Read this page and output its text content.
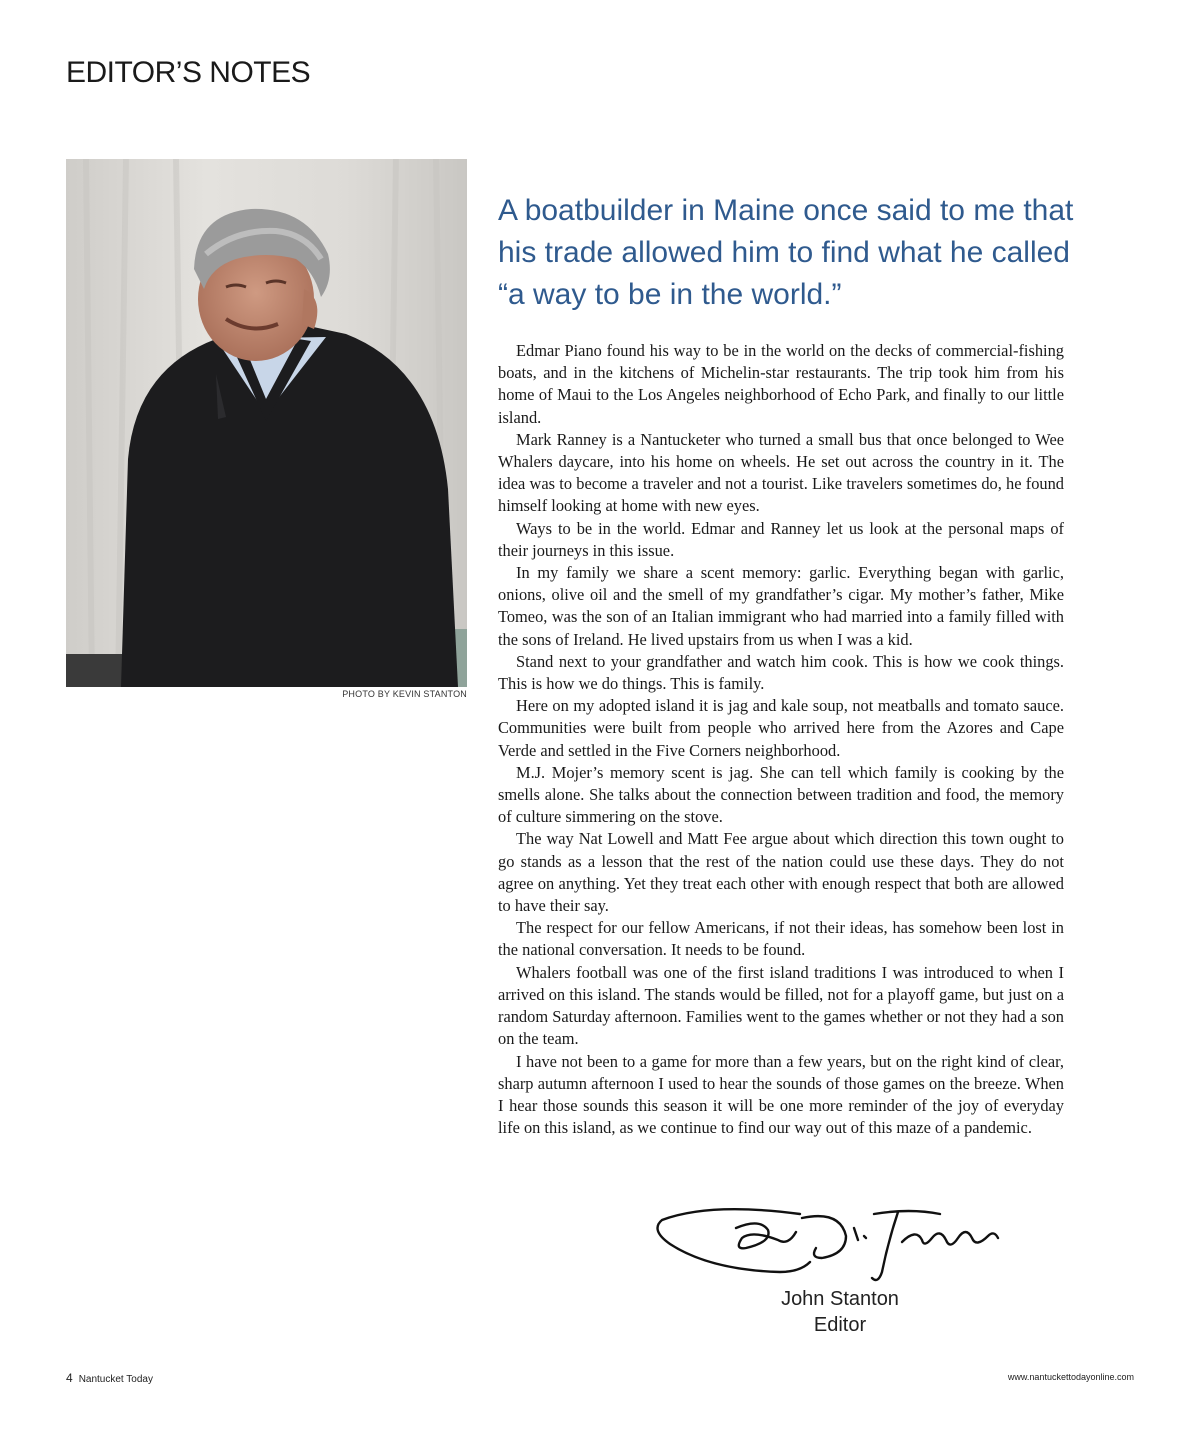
EDITOR’S NOTES
PHOTO BY KEVIN STANTON
A boatbuilder in Maine once said to me that his trade allowed him to find what he called “a way to be in the world.”

Edmar Piano found his way to be in the world on the decks of commercial-fishing boats, and in the kitchens of Michelin-star restaurants. The trip took him from his home of Maui to the Los Angeles neighborhood of Echo Park, and finally to our little island.

Mark Ranney is a Nantucketer who turned a small bus that once belonged to Wee Whalers daycare, into his home on wheels. He set out across the country in it. The idea was to become a traveler and not a tourist. Like travelers sometimes do, he found himself looking at home with new eyes.

Ways to be in the world. Edmar and Ranney let us look at the personal maps of their journeys in this issue.

In my family we share a scent memory: garlic. Everything began with garlic, onions, olive oil and the smell of my grandfather’s cigar. My mother’s father, Mike Tomeo, was the son of an Italian immigrant who had married into a family filled with the sons of Ireland. He lived upstairs from us when I was a kid.

Stand next to your grandfather and watch him cook. This is how we cook things. This is how we do things. This is family.

Here on my adopted island it is jag and kale soup, not meatballs and tomato sauce. Communities were built from people who arrived here from the Azores and Cape Verde and settled in the Five Corners neighborhood.

M.J. Mojer’s memory scent is jag. She can tell which family is cooking by the smells alone. She talks about the connection between tradition and food, the memory of culture simmering on the stove.

The way Nat Lowell and Matt Fee argue about which direction this town ought to go stands as a lesson that the rest of the nation could use these days. They do not agree on anything. Yet they treat each other with enough respect that both are allowed to have their say.

The respect for our fellow Americans, if not their ideas, has somehow been lost in the national conversation. It needs to be found.

Whalers football was one of the first island traditions I was introduced to when I arrived on this island. The stands would be filled, not for a playoff game, but just on a random Saturday afternoon. Families went to the games whether or not they had a son on the team.

I have not been to a game for more than a few years, but on the right kind of clear, sharp autumn afternoon I used to hear the sounds of those games on the breeze. When I hear those sounds this season it will be one more reminder of the joy of everyday life on this island, as we continue to find our way out of this maze of a pandemic.

John Stanton
Editor
4 Nantucket Today	www.nantuckettodayonline.com
